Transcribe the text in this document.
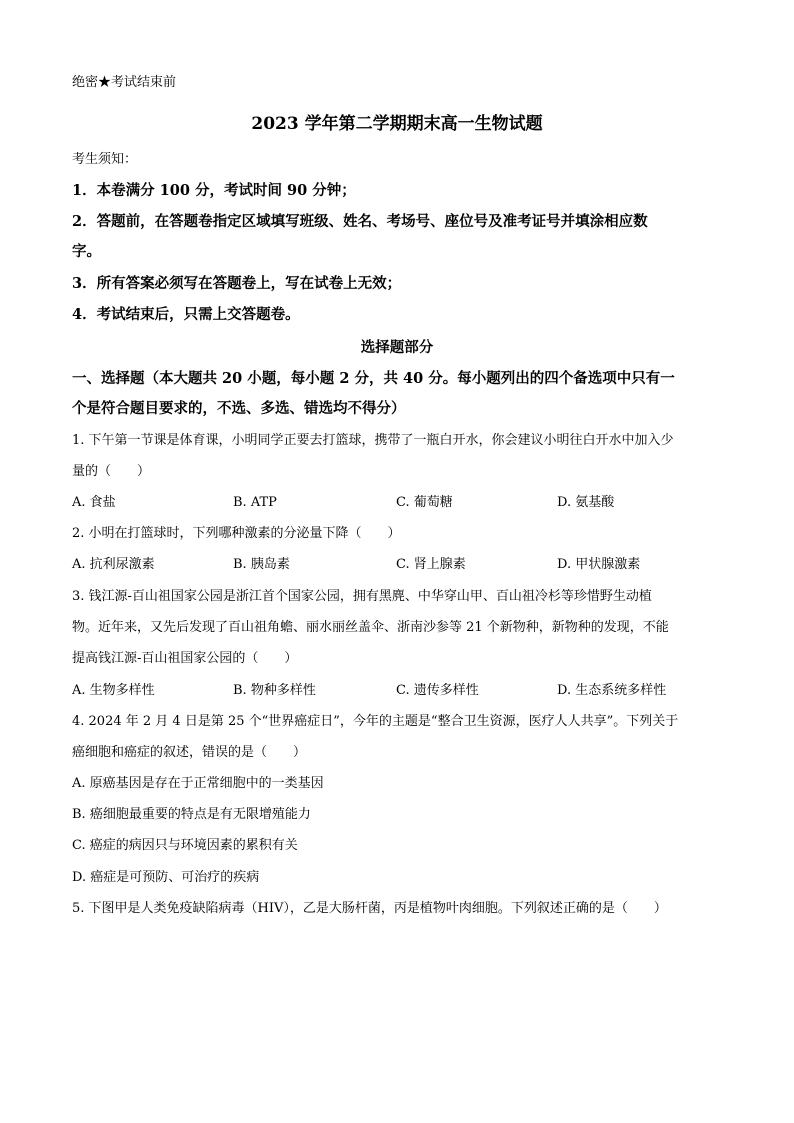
绝密★考试结束前
2023 学年第二学期期末高一生物试题
考生须知：
1．本卷满分 100 分，考试时间 90 分钟；
2．答题前，在答题卷指定区域填写班级、姓名、考场号、座位号及准考证号并填涂相应数
字。
3．所有答案必须写在答题卷上，写在试卷上无效；
4．考试结束后，只需上交答题卷。
选择题部分
一、选择题（本大题共 20 小题，每小题 2 分，共 40 分。每小题列出的四个备选项中只有一
个是符合题目要求的，不选、多选、错选均不得分）
1. 下午第一节课是体育课，小明同学正要去打篮球，携带了一瓶白开水，你会建议小明往白开水中加入少
量的（　　）
A. 食盐	B. ATP	C. 葡萄糖	D. 氨基酸
2. 小明在打篮球时，下列哪种激素的分泌量下降（　　）
A. 抗利尿激素	B. 胰岛素	C. 肾上腺素	D. 甲状腺激素
3. 钱江源-百山祖国家公园是浙江首个国家公园，拥有黑麂、中华穿山甲、百山祖冷杉等珍惜野生动植
物。近年来，又先后发现了百山祖角蟾、丽水丽丝盖伞、浙南沙参等 21 个新物种，新物种的发现，不能
提高钱江源-百山祖国家公园的（　　）
A. 生物多样性	B. 物种多样性	C. 遗传多样性	D. 生态系统多样性
4. 2024 年 2 月 4 日是第 25 个“世界癌症日”，今年的主题是“整合卫生资源，医疗人人共享”。下列关于
癌细胞和癌症的叙述，错误的是（　　）
A. 原癌基因是存在于正常细胞中的一类基因
B. 癌细胞最重要的特点是有无限增殖能力
C. 癌症的病因只与环境因素的累积有关
D. 癌症是可预防、可治疗的疾病
5. 下图甲是人类免疫缺陷病毒（HIV），乙是大肠杆菌，丙是植物叶肉细胞。下列叙述正确的是（　　）
